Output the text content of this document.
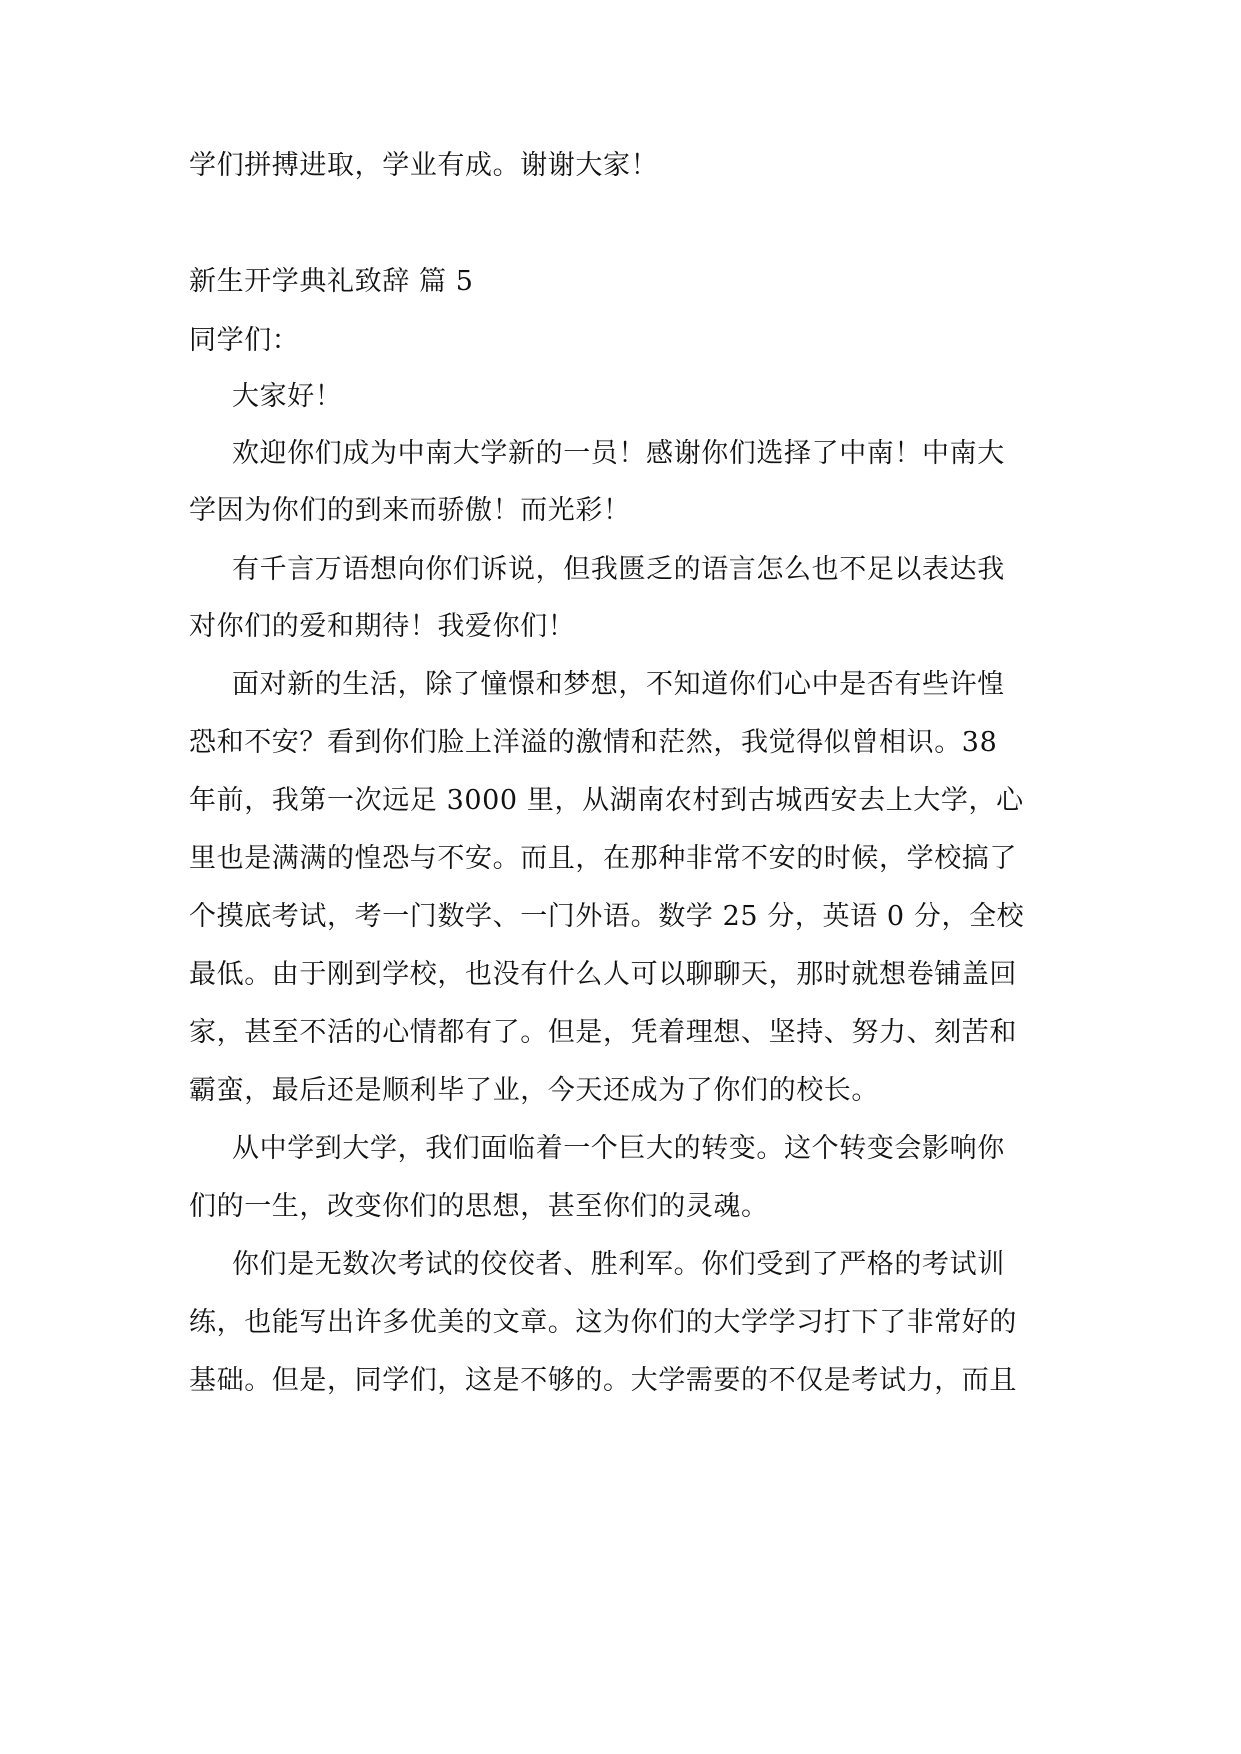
学们拼搏进取，学业有成。谢谢大家！
新生开学典礼致辞 篇 5
同学们：
大家好！
欢迎你们成为中南大学新的一员！感谢你们选择了中南！中南大
学因为你们的到来而骄傲！而光彩！
有千言万语想向你们诉说，但我匮乏的语言怎么也不足以表达我
对你们的爱和期待！我爱你们！
面对新的生活，除了憧憬和梦想，不知道你们心中是否有些许惶
恐和不安？看到你们脸上洋溢的激情和茫然，我觉得似曾相识。38
年前，我第一次远足 3000 里，从湖南农村到古城西安去上大学，心
里也是满满的惶恐与不安。而且，在那种非常不安的时候，学校搞了
个摸底考试，考一门数学、一门外语。数学 25 分，英语 0 分，全校
最低。由于刚到学校，也没有什么人可以聊聊天，那时就想卷铺盖回
家，甚至不活的心情都有了。但是，凭着理想、坚持、努力、刻苦和
霸蛮，最后还是顺利毕了业，今天还成为了你们的校长。
从中学到大学，我们面临着一个巨大的转变。这个转变会影响你
们的一生，改变你们的思想，甚至你们的灵魂。
你们是无数次考试的佼佼者、胜利军。你们受到了严格的考试训
练，也能写出许多优美的文章。这为你们的大学学习打下了非常好的
基础。但是，同学们，这是不够的。大学需要的不仅是考试力，而且
